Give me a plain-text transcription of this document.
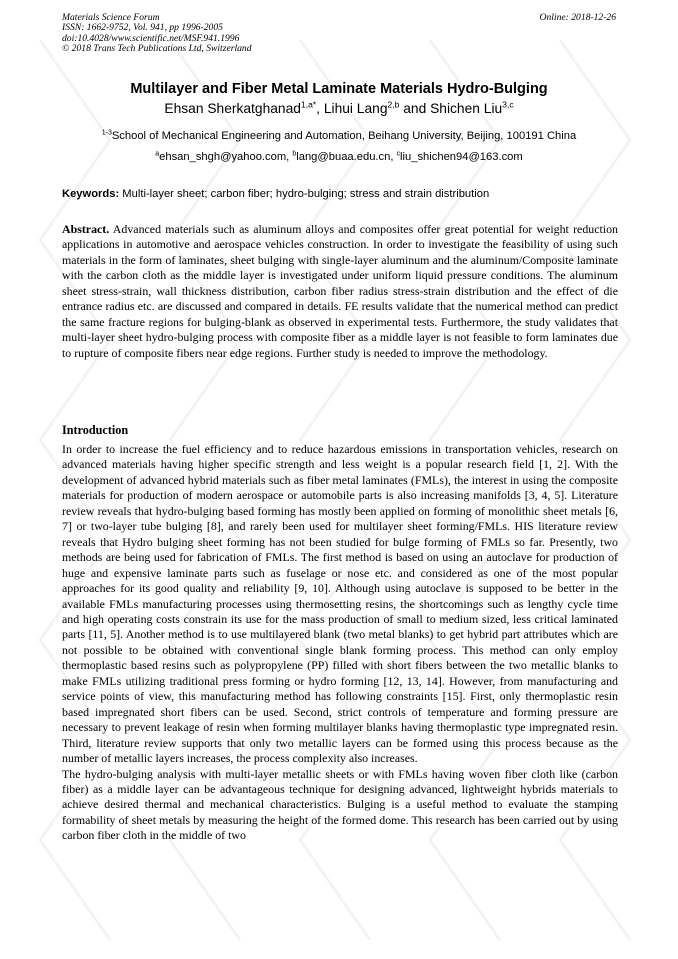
Materials Science Forum
ISSN: 1662-9752, Vol. 941, pp 1996-2005
doi:10.4028/www.scientific.net/MSF.941.1996
© 2018 Trans Tech Publications Ltd, Switzerland
Online: 2018-12-26
Multilayer and Fiber Metal Laminate Materials Hydro-Bulging
Ehsan Sherkatghanad$^{1,a*}$, Lihui Lang$^{2,b}$ and Shichen Liu$^{3,c}$
$^{1-3}$School of Mechanical Engineering and Automation, Beihang University, Beijing, 100191 China
$^a$ehsan_shgh@yahoo.com, $^b$lang@buaa.edu.cn, $^c$liu_shichen94@163.com
Keywords: Multi-layer sheet; carbon fiber; hydro-bulging; stress and strain distribution
Abstract. Advanced materials such as aluminum alloys and composites offer great potential for weight reduction applications in automotive and aerospace vehicles construction. In order to investigate the feasibility of using such materials in the form of laminates, sheet bulging with single-layer aluminum and the aluminum/Composite laminate with the carbon cloth as the middle layer is investigated under uniform liquid pressure conditions. The aluminum sheet stress-strain, wall thickness distribution, carbon fiber radius stress-strain distribution and the effect of die entrance radius etc. are discussed and compared in details. FE results validate that the numerical method can predict the same fracture regions for bulging-blank as observed in experimental tests. Furthermore, the study validates that multi-layer sheet hydro-bulging process with composite fiber as a middle layer is not feasible to form laminates due to rupture of composite fibers near edge regions. Further study is needed to improve the methodology.
Introduction

In order to increase the fuel efficiency and to reduce hazardous emissions in transportation vehicles, research on advanced materials having higher specific strength and less weight is a popular research field [1, 2]. With the development of advanced hybrid materials such as fiber metal laminates (FMLs), the interest in using the composite materials for production of modern aerospace or automobile parts is also increasing manifolds [3, 4, 5]. Literature review reveals that hydro-bulging based forming has mostly been applied on forming of monolithic sheet metals [6, 7] or two-layer tube bulging [8], and rarely been used for multilayer sheet forming/FMLs. HIS literature review reveals that Hydro bulging sheet forming has not been studied for bulge forming of FMLs so far. Presently, two methods are being used for fabrication of FMLs. The first method is based on using an autoclave for production of huge and expensive laminate parts such as fuselage or nose etc. and considered as one of the most popular approaches for its good quality and reliability [9, 10]. Although using autoclave is supposed to be better in the available FMLs manufacturing processes using thermosetting resins, the shortcomings such as lengthy cycle time and high operating costs constrain its use for the mass production of small to medium sized, less critical laminated parts [11, 5]. Another method is to use multilayered blank (two metal blanks) to get hybrid part attributes which are not possible to be obtained with conventional single blank forming process. This method can only employ thermoplastic based resins such as polypropylene (PP) filled with short fibers between the two metallic blanks to make FMLs utilizing traditional press forming or hydro forming [12, 13, 14]. However, from manufacturing and service points of view, this manufacturing method has following constraints [15]. First, only thermoplastic resin based impregnated short fibers can be used. Second, strict controls of temperature and forming pressure are necessary to prevent leakage of resin when forming multilayer blanks having thermoplastic type impregnated resin. Third, literature review supports that only two metallic layers can be formed using this process because as the number of metallic layers increases, the process complexity also increases.

The hydro-bulging analysis with multi-layer metallic sheets or with FMLs having woven fiber cloth like (carbon fiber) as a middle layer can be advantageous technique for designing advanced, lightweight hybrids materials to achieve desired thermal and mechanical characteristics. Bulging is a useful method to evaluate the stamping formability of sheet metals by measuring the height of the formed dome. This research has been carried out by using carbon fiber cloth in the middle of two
